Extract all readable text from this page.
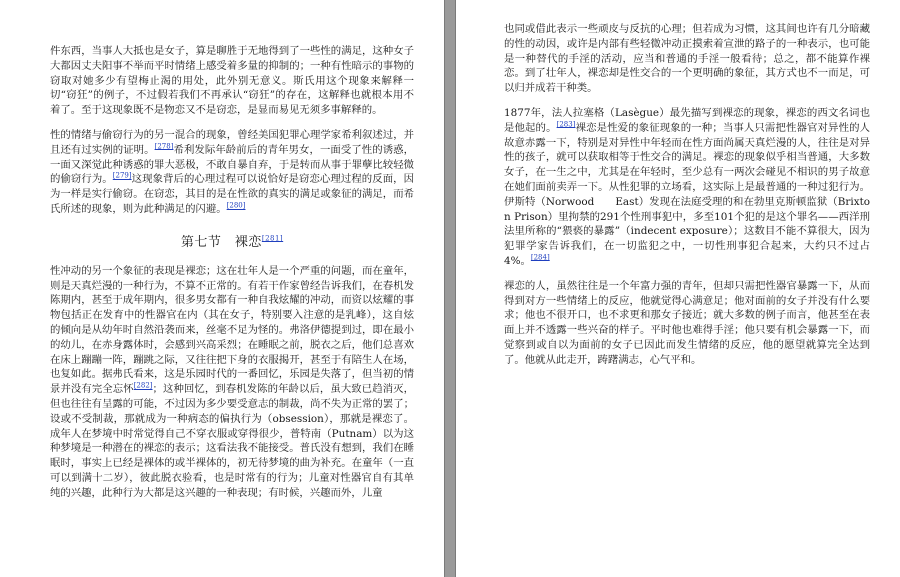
件东西，当事人大抵也是女子，算是聊胜于无地得到了一些性的满足，这种女子大都因丈夫阳事不举而平时情绪上感受着多量的抑制的；一种有性暗示的事物的窃取对她多少有望梅止渴的用处，此外别无意义。斯氏用这个现象来解释一切“窃狂”的例子，不过假若我们不再承认“窃狂”的存在，这解释也就根本用不着了。至于这现象既不是物恋又不是窃恋，是显而易见无须多事解释的。

性的情绪与偷窃行为的另一混合的现象，曾经美国犯罪心理学家希利叙述过，并且还有过实例的证明。[278]希利发际年龄前后的青年男女，一面受了性的诱惑，一面又深觉此种诱惑的罪大恶极，不敢自暴自弃，于是转而从事于罪孽比较轻微的偷窃行为。[279]这现象背后的心理过程可以说恰好是窃恋心理过程的反面，因为一样是实行偷窃。在窃恋，其目的是在性欲的真实的满足或象征的满足，而希氏所述的现象，则为此种满足的闪避。[280]

第七节　裸恋[281]

性冲动的另一个象征的表现是裸恋；这在壮年人是一个严重的问题，而在童年，则是天真烂漫的一种行为，不算不正常的。有若干作家曾经告诉我们，在春机发陈期内，甚至于成年期内，很多男女都有一种自我炫耀的冲动，而资以炫耀的事物包括正在发育中的性器官在内（其在女子，特别要入注意的是乳峰），这自炫的倾向是从幼年时自然沿袭而来，丝毫不足为怪的。弗洛伊德提到过，即在最小的幼儿，在赤身露体时，会感到兴高采烈；在睡眠之前，脱衣之后，他们总喜欢在床上蹦蹦一阵，蹦跳之际，又往往把下身的衣服揭开，甚至于有陪生人在场，也复如此。据弗氏看来，这是乐园时代的一番回忆，乐园是失落了，但当初的情景并没有完全忘怀[282]；这种回忆，到春机发陈的年龄以后，虽大致已趋消灭，但也往往有呈露的可能，不过因为多少要受意志的制裁，尚不失为正常的罢了；设或不受制裁，那就成为一种病态的偏执行为（obsession），那就是裸恋了。成年人在梦境中时常觉得自己不穿衣服或穿得很少，普特南（Putnam）以为这种梦境是一种潜在的裸恋的表示；这看法我不能接受。普氏没有想到，我们在睡眠时，事实上已经是裸体的或半裸体的，初无待梦境的曲为补充。在童年（一直可以到满十二岁），彼此脱衣验看，也是时常有的行为；儿童对性器官自有其单纯的兴趣，此种行为大都是这兴趣的一种表现；有时候，兴趣而外，儿童

也同或借此表示一些顽皮与反抗的心理；但若成为习惯，这其间也许有几分暗藏的性的动因，或许是内部有些轻微冲动正摸索着宣泄的路子的一种表示，也可能是一种替代的手淫的活动，应当和普通的手淫一般看待；总之，都不能算作裸恋。到了壮年人，裸恋却是性交合的一个更明确的象征，其方式也不一而足，可以归并成若干种类。

1877年，法人拉塞格（Lasègue）最先描写到裸恋的现象，裸恋的西文名词也是他起的。[283]裸恋是性爱的象征现象的一种；当事人只需把性器官对异性的人故意赤露一下，特别是对异性中年轻而在性方面尚属天真烂漫的人，往往是对异性的孩子，就可以获取相等于性交合的满足。裸恋的现象似乎相当普通，大多数女子，在一生之中，尤其是在年轻时，至少总有一两次会碰见不相识的男子故意在她们面前卖弄一下。从性犯罪的立场看，这实际上是最普通的一种过犯行为。伊斯特（Norwood　　East）发现在法庭受理的和在勃里克斯顿监狱（Brixton Prison）里拘禁的291个性刑事犯中，多至101个犯的是这个罪名——西洋刑法里所称的“猥亵的暴露”（indecent exposure）；这数目不能不算很大，因为犯罪学家告诉我们，在一切监犯之中，一切性刑事犯合起来，大约只不过占4%。[284]

裸恋的人，虽然往往是一个年富力强的青年，但却只需把性器官暴露一下，从而得到对方一些情绪上的反应，他就觉得心满意足；他对面前的女子并没有什么要求；他也不很开口，也不求更和那女子接近；就大多数的例子而言，他甚至在表面上并不透露一些兴奋的样子。平时他也难得手淫；他只要有机会暴露一下，而觉察到或自以为面前的女子已因此而发生情绪的反应，他的愿望就算完全达到了。他就从此走开，踌躇满志，心气平和。
